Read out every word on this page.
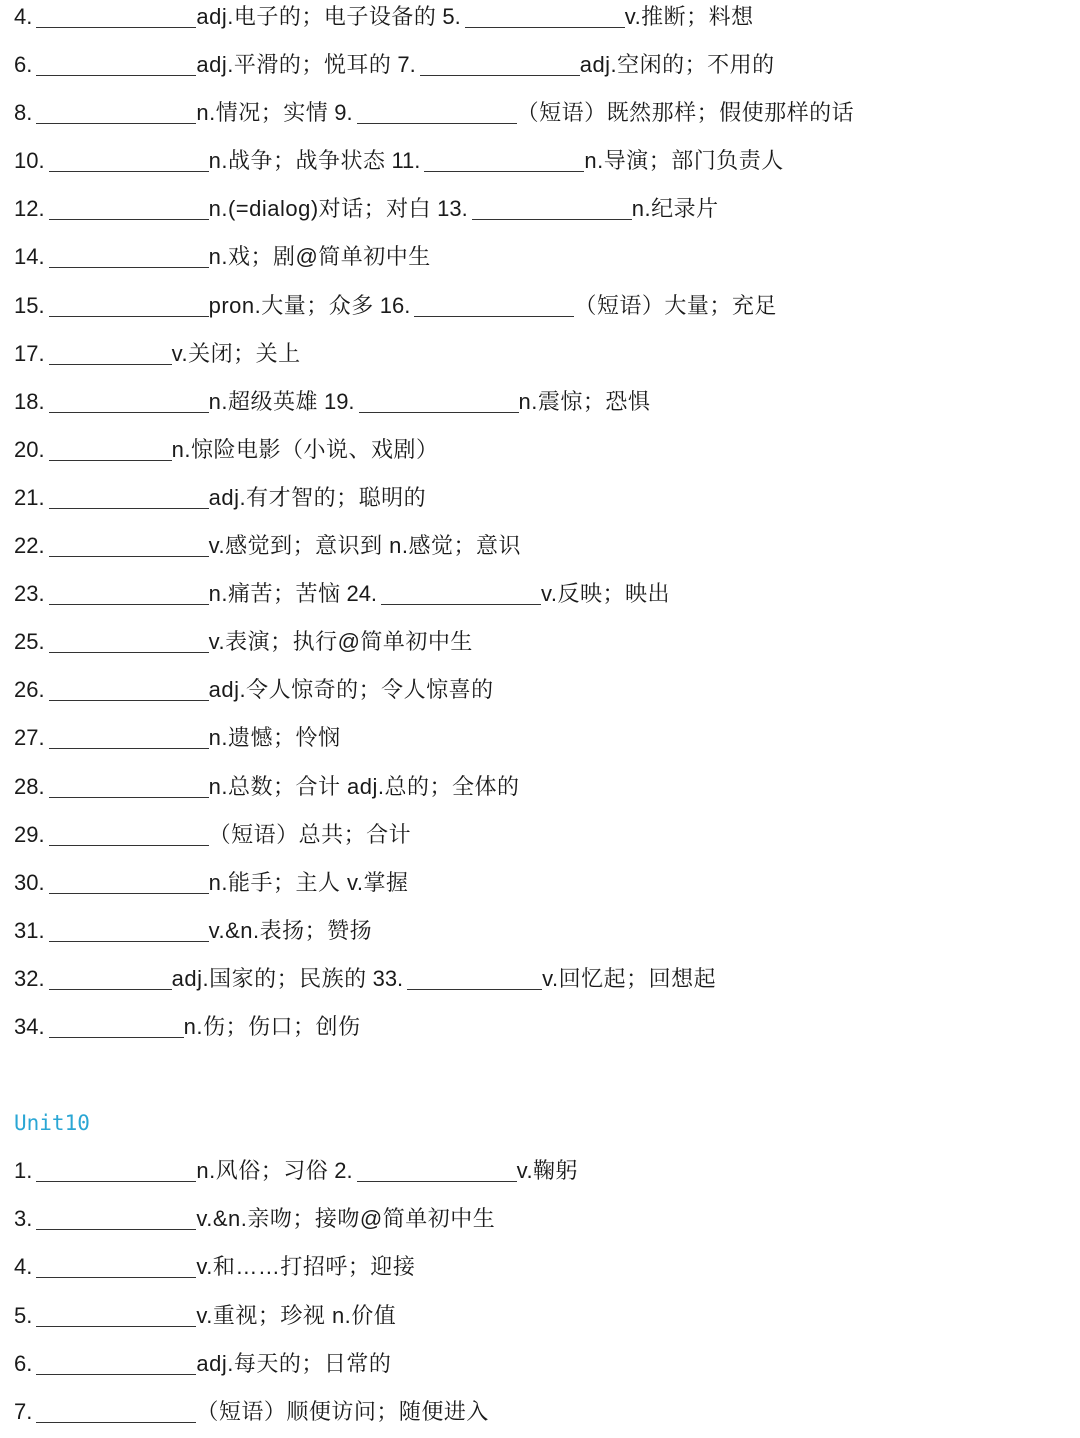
4.	adj.电子的；电子设备的 5.	v.推断；料想
6.	adj.平滑的；悦耳的 7.	adj.空闲的；不用的
8.	n.情况；实情 9.	（短语）既然那样；假使那样的话
10.	n.战争；战争状态 11.	n.导演；部门负责人
12.	n.(=dialog)对话；对白 13.	n.纪录片
14.	n.戏；剧@简单初中生
15.	pron.大量；众多 16.	（短语）大量；充足
17.	v.关闭；关上
18.	n.超级英雄 19.	n.震惊；恐惧
20.	n.惊险电影（小说、戏剧）
21.	adj.有才智的；聪明的
22.	v.感觉到；意识到 n.感觉；意识
23.	n.痛苦；苦恼 24.	v.反映；映出
25.	v.表演；执行@简单初中生
26.	adj.令人惊奇的；令人惊喜的
27.	n.遗憾；怜悯
28.	n.总数；合计 adj.总的；全体的
29.	（短语）总共；合计
30.	n.能手；主人 v.掌握
31.	v.&n.表扬；赞扬
32.	adj.国家的；民族的 33.	v.回忆起；回想起
34.	n.伤；伤口；创伤
Unit10
1.	n.风俗；习俗 2.	v.鞠躬
3.	v.&n.亲吻；接吻@简单初中生
4.	v.和……打招呼；迎接
5.	v.重视；珍视 n.价值
6.	adj.每天的；日常的
7.	（短语）顺便访问；随便进入
